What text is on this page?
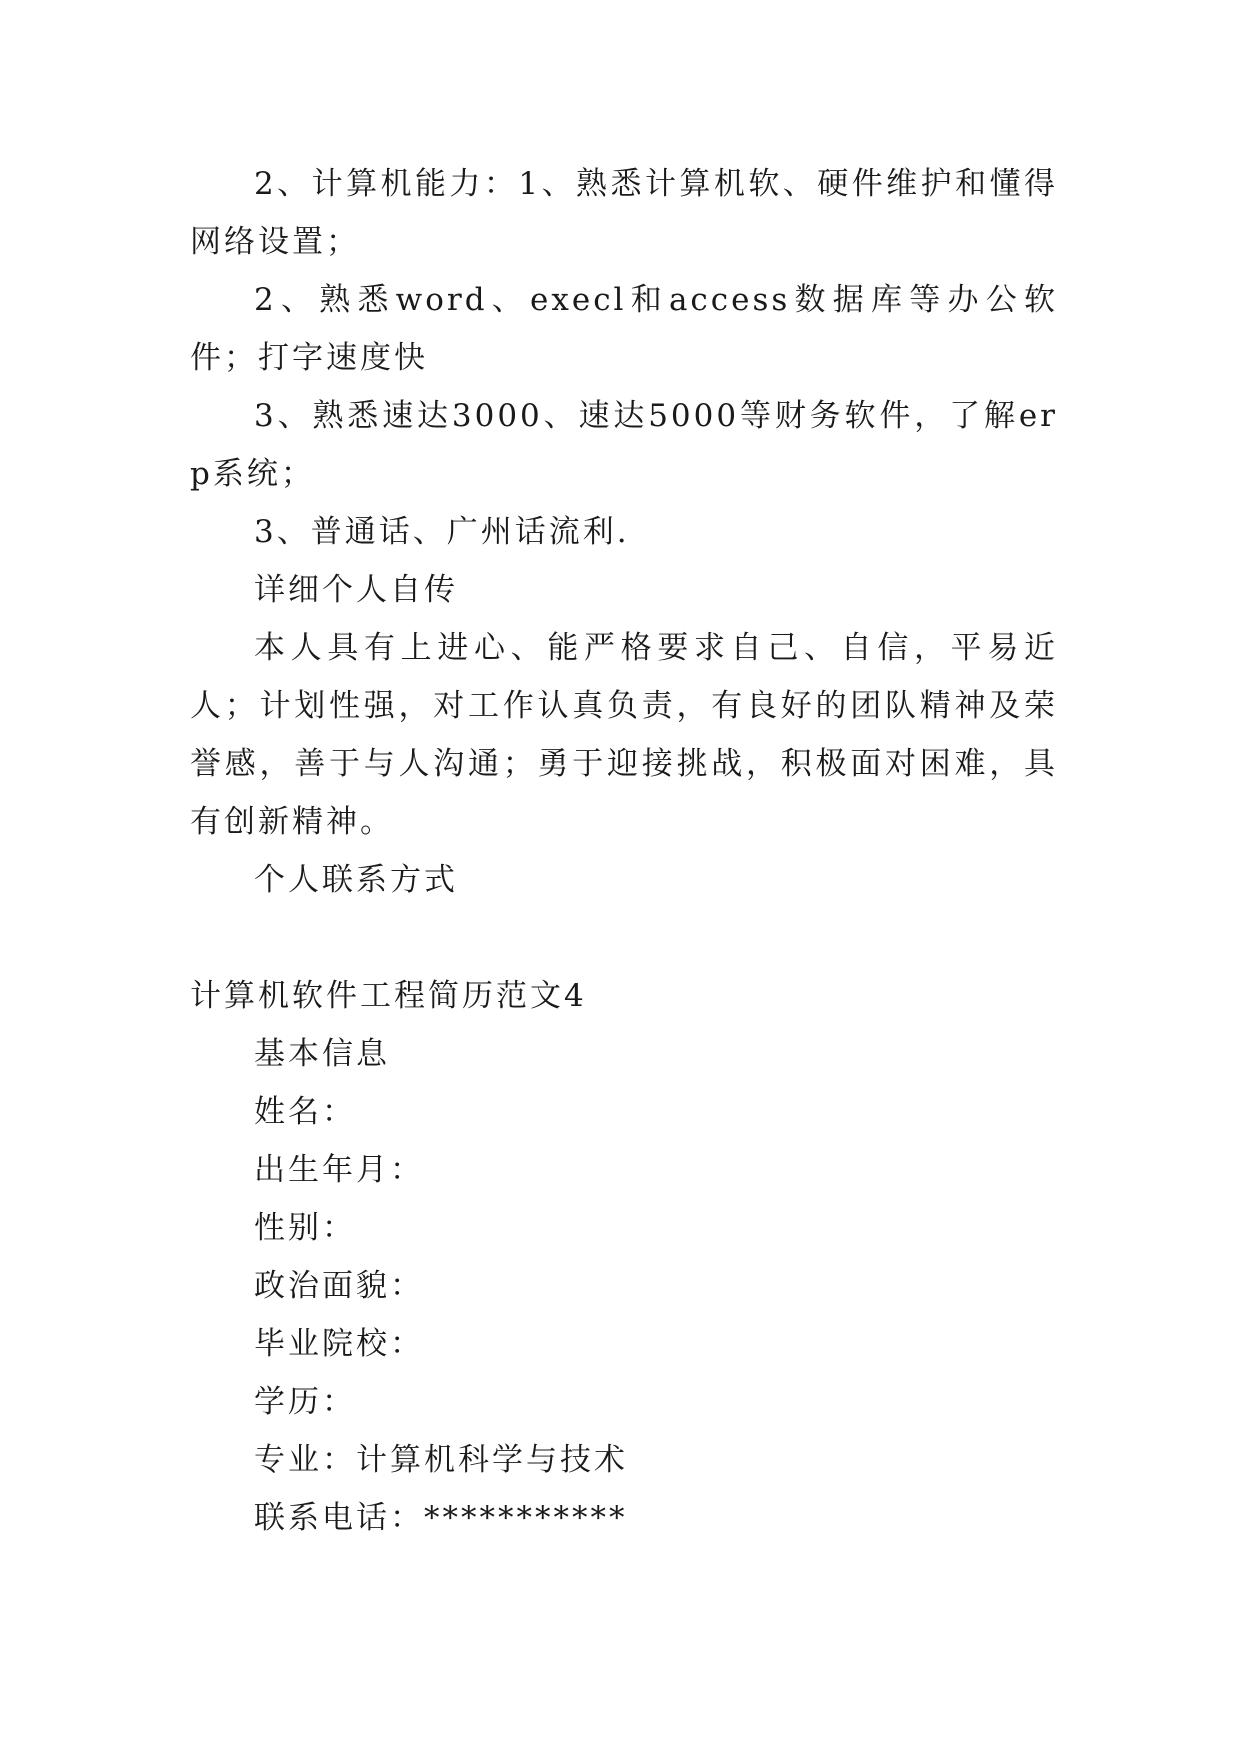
2、计算机能力：1、熟悉计算机软、硬件维护和懂得网络设置；

2、熟悉word、execl和access数据库等办公软件；打字速度快

3、熟悉速达3000、速达5000等财务软件，了解erp系统；

3、普通话、广州话流利.

详细个人自传

本人具有上进心、能严格要求自己、自信，平易近人；计划性强，对工作认真负责，有良好的团队精神及荣誉感，善于与人沟通；勇于迎接挑战，积极面对困难，具有创新精神。

个人联系方式

计算机软件工程简历范文4

基本信息

姓名：

出生年月：

性别：

政治面貌：

毕业院校：

学历：

专业：计算机科学与技术

联系电话：***********
